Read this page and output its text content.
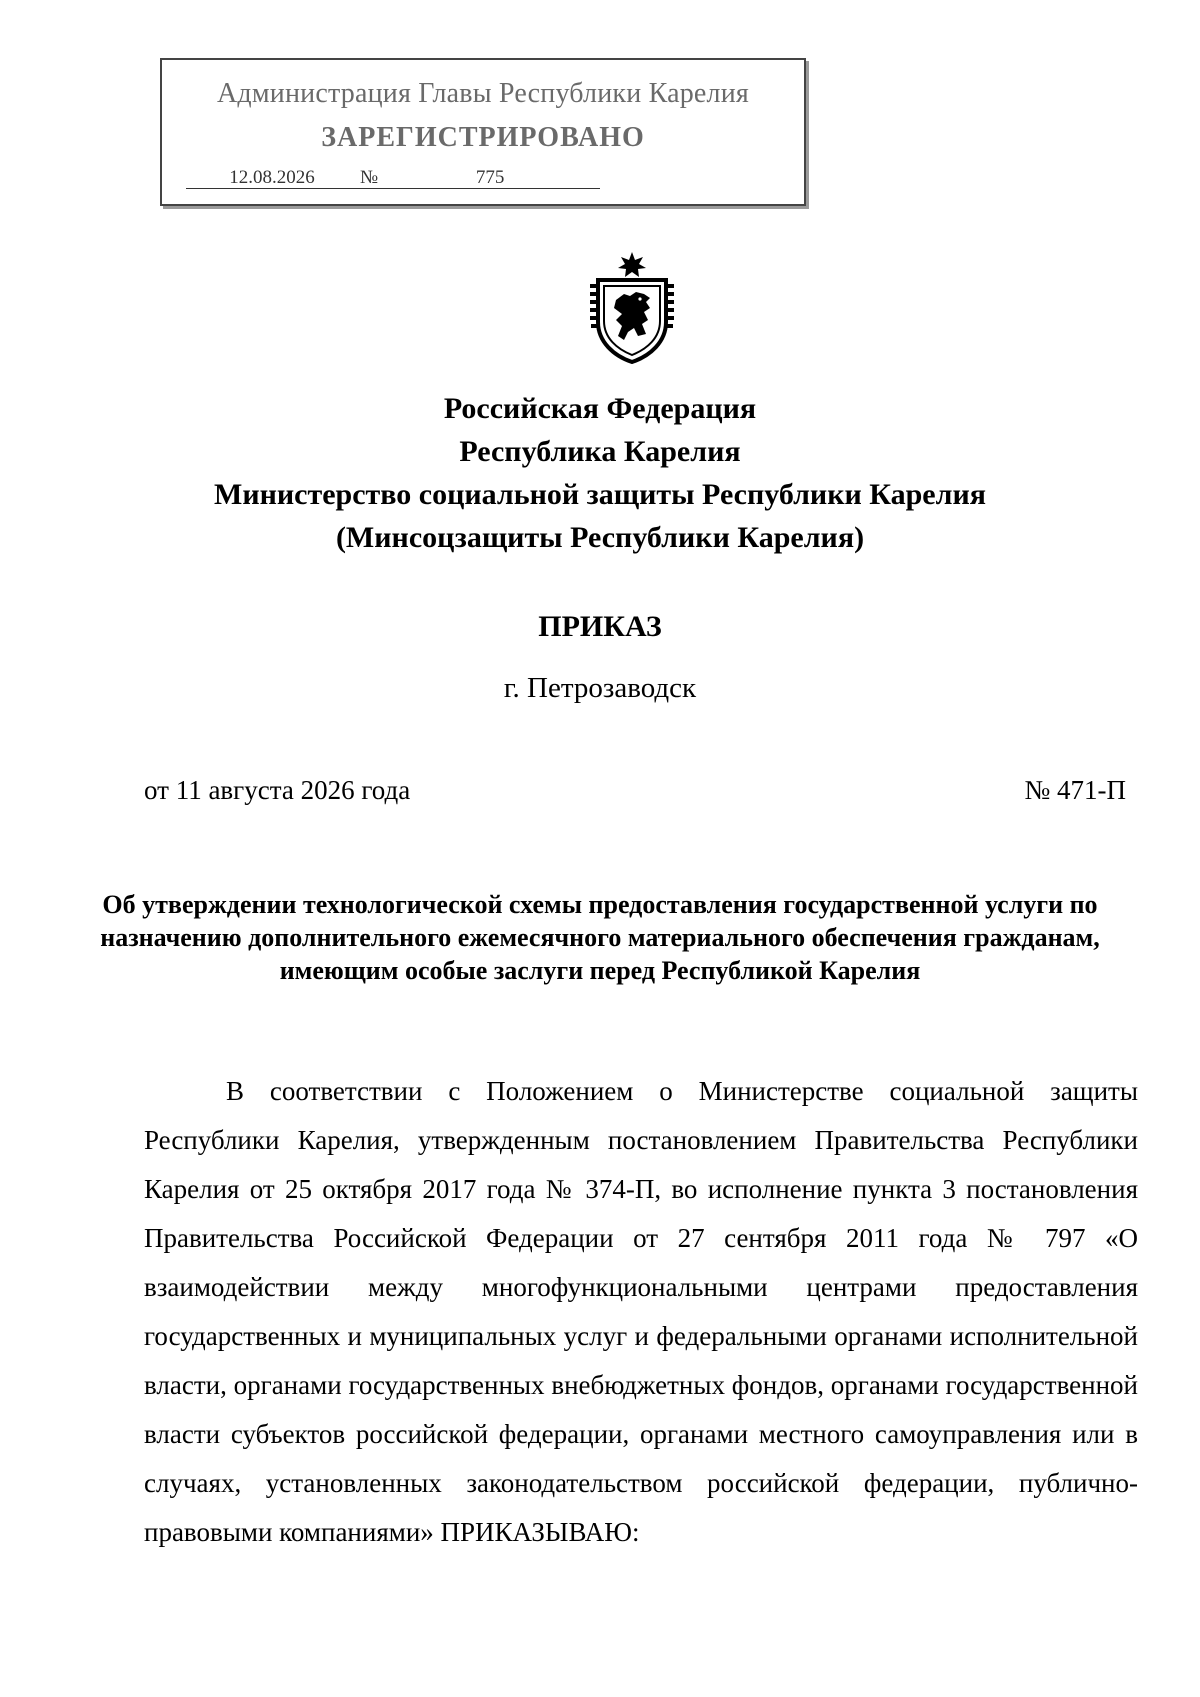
Администрация Главы Республики Карелия
ЗАРЕГИСТРИРОВАНО
12.08.2026	№	775
Российская Федерация
Республика Карелия
Министерство социальной защиты Республики Карелия
(Минсоцзащиты Республики Карелия)
ПРИКАЗ
г. Петрозаводск
от 11 августа 2026 года	№ 471-П
Об утверждении технологической схемы предоставления государственной услуги по назначению дополнительного ежемесячного материального обеспечения гражданам, имеющим особые заслуги перед Республикой Карелия

В соответствии с Положением о Министерстве социальной защиты Республики Карелия, утвержденным постановлением Правительства Республики Карелия от 25 октября 2017 года № 374-П, во исполнение пункта 3 постановления Правительства Российской Федерации от 27 сентября 2011 года № 797 «О взаимодействии между многофункциональными центрами предоставления государственных и муниципальных услуг и федеральными органами исполнительной власти, органами государственных внебюджетных фондов, органами государственной власти субъектов российской федерации, органами местного самоуправления или в случаях, установленных законодательством российской федерации, публично-правовыми компаниями» ПРИКАЗЫВАЮ:
